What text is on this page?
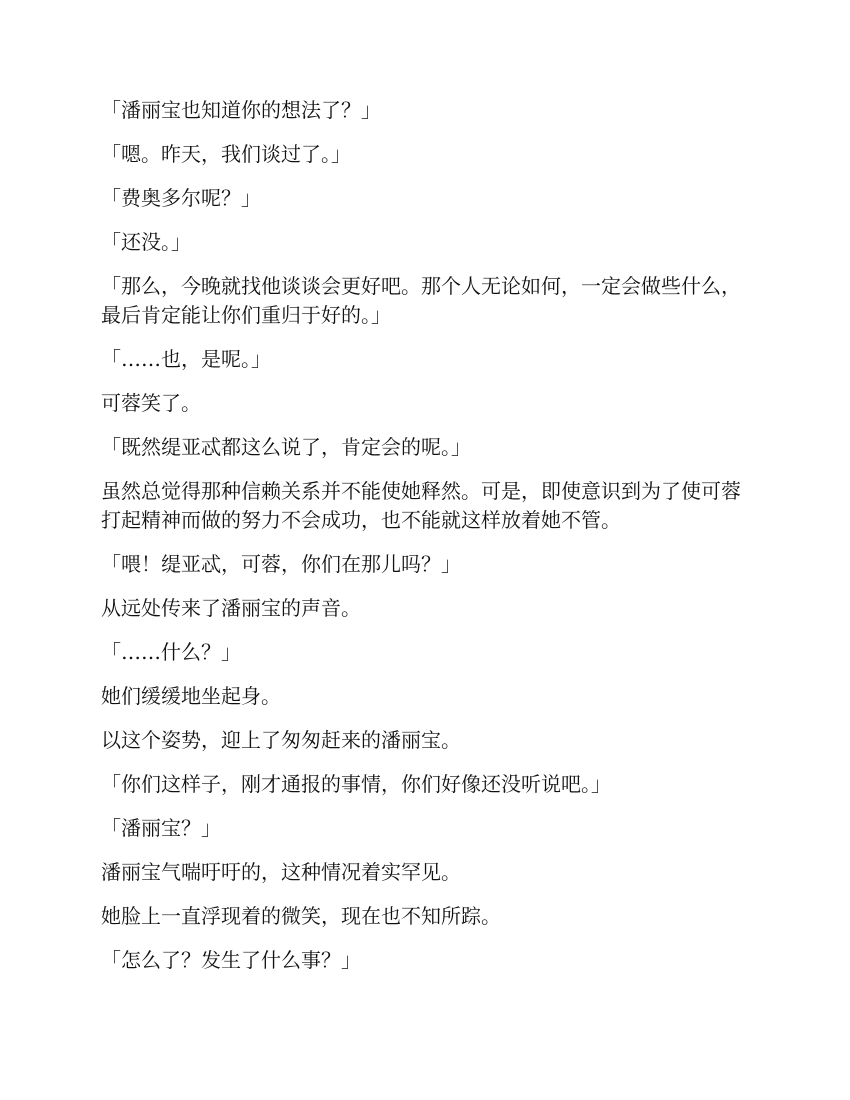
「潘丽宝也知道你的想法了？」

「嗯。昨天，我们谈过了。」

「费奥多尔呢？」

「还没。」

「那么，今晚就找他谈谈会更好吧。那个人无论如何，一定会做些什么，最后肯定能让你们重归于好的。」

「……也，是呢。」

可蓉笑了。

「既然缇亚忒都这么说了，肯定会的呢。」

虽然总觉得那种信赖关系并不能使她释然。可是，即使意识到为了使可蓉打起精神而做的努力不会成功，也不能就这样放着她不管。

「喂！缇亚忒，可蓉，你们在那儿吗？」

从远处传来了潘丽宝的声音。

「……什么？」

她们缓缓地坐起身。

以这个姿势，迎上了匆匆赶来的潘丽宝。

「你们这样子，刚才通报的事情，你们好像还没听说吧。」

「潘丽宝？」

潘丽宝气喘吁吁的，这种情况着实罕见。

她脸上一直浮现着的微笑，现在也不知所踪。

「怎么了？发生了什么事？」
